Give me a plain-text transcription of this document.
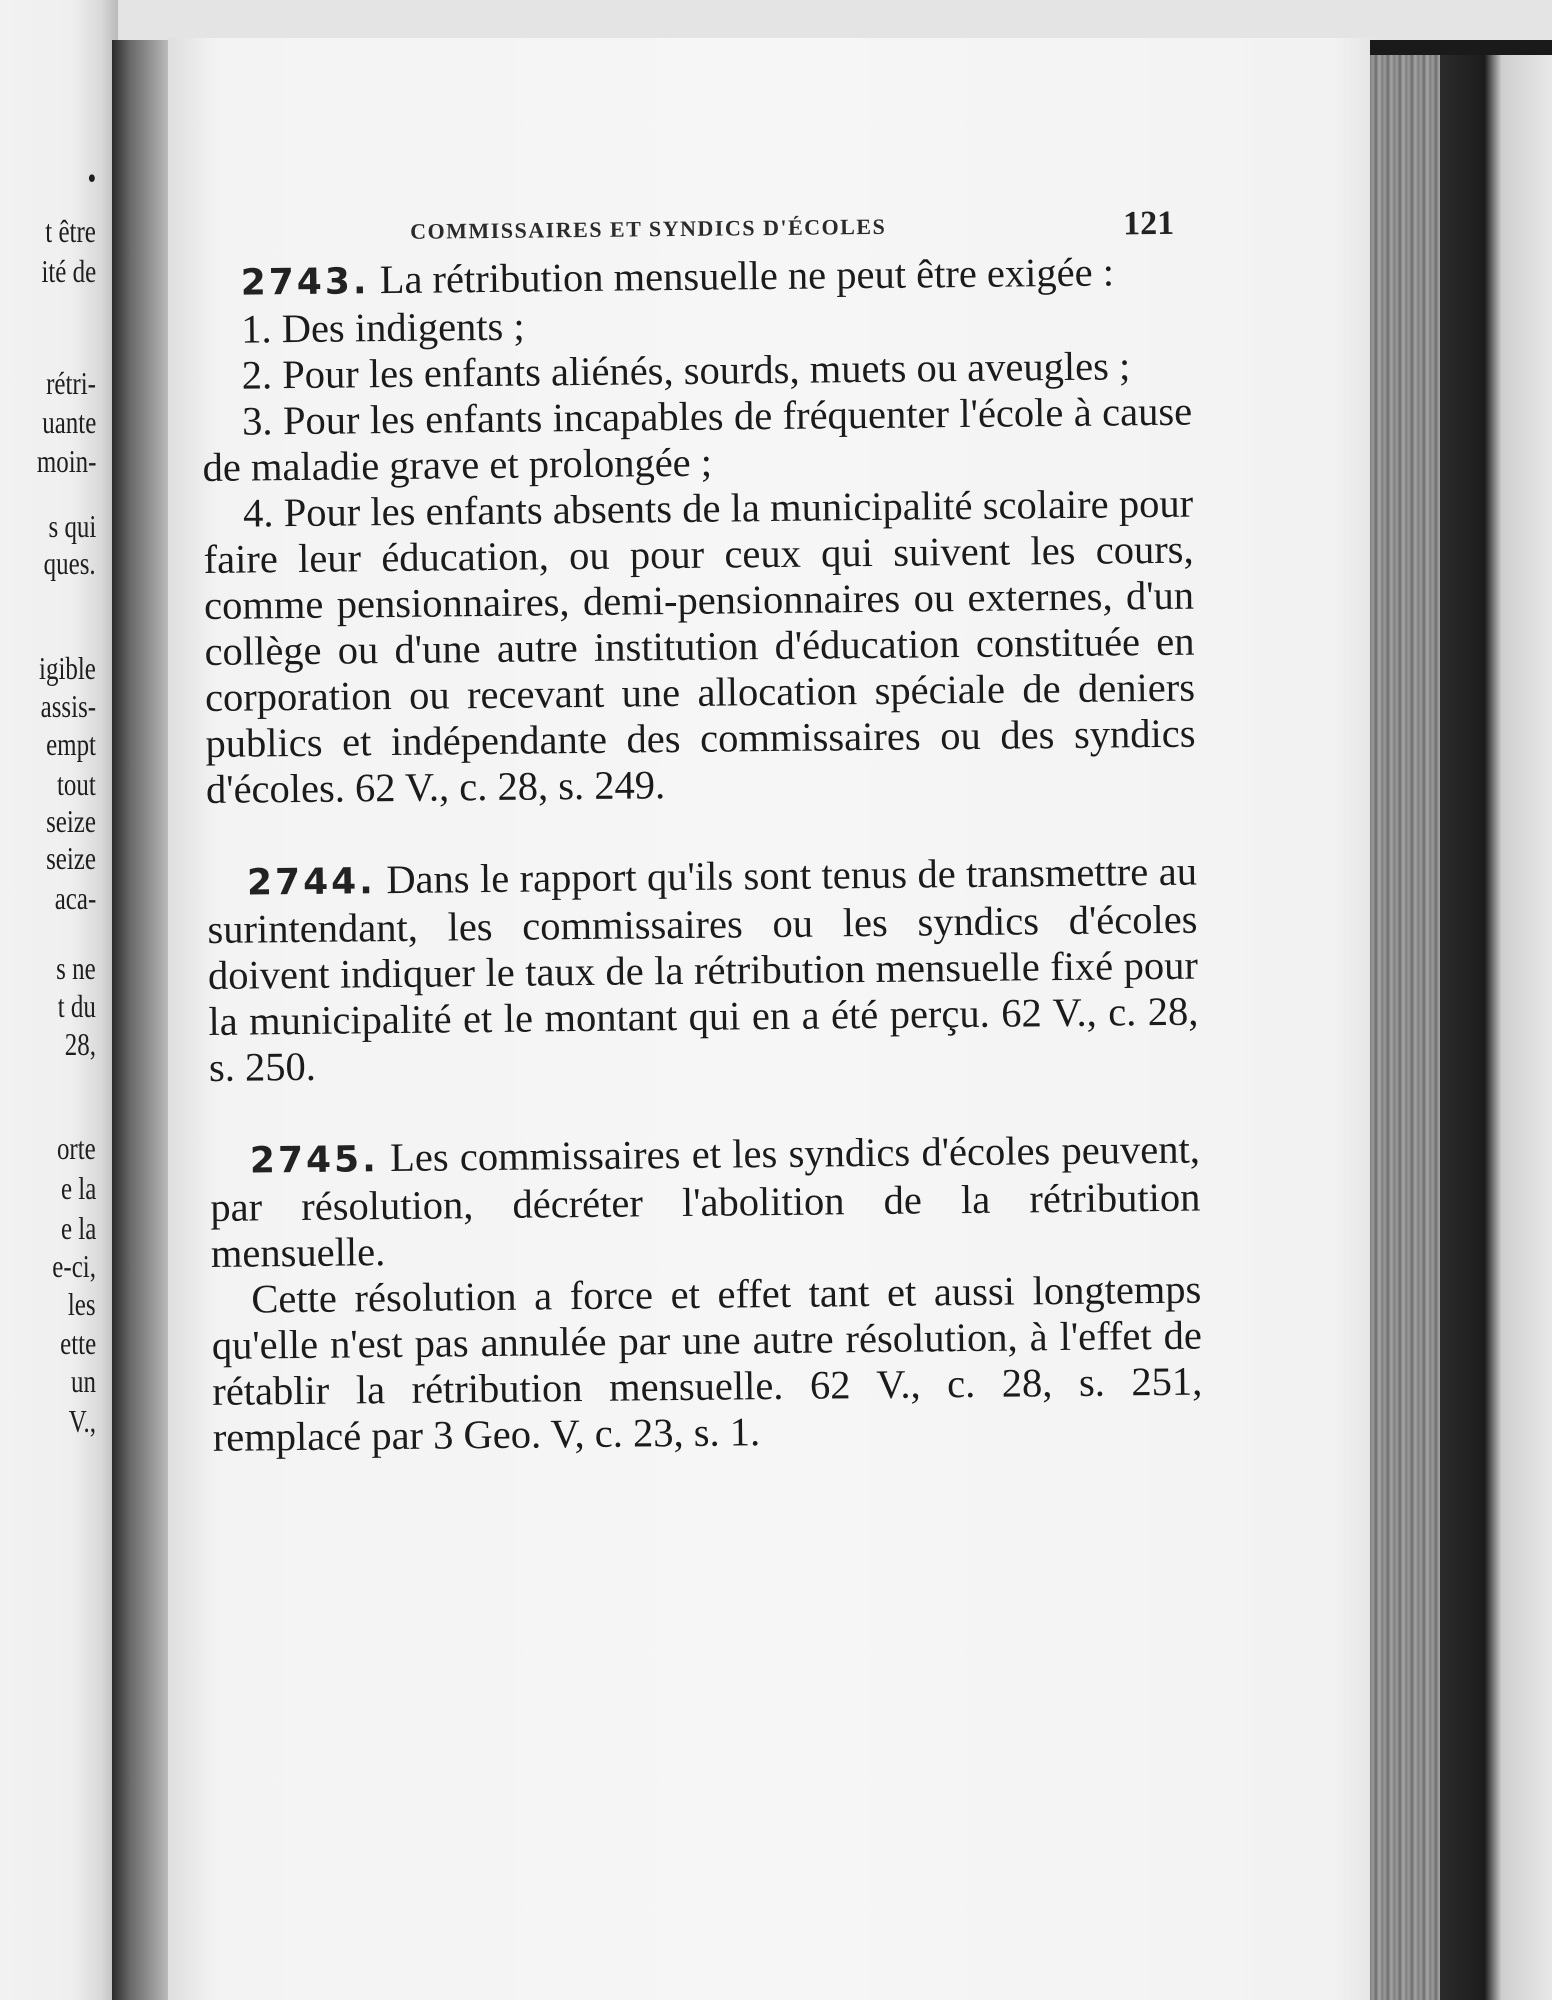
•
t être
ité de
rétri-
uante
moin-
s qui
ques.
igible
assis-
empt
tout
seize
seize
aca-
s ne
t du
28,
orte
e la
e la
e-ci,
les
ette
un
V.,
COMMISSAIRES ET SYNDICS D'ÉCOLES	121

2743. La rétribution mensuelle ne peut être exigée :

1. Des indigents ;

2. Pour les enfants aliénés, sourds, muets ou aveugles ;

3. Pour les enfants incapables de fréquenter l'école à cause de maladie grave et prolongée ;

4. Pour les enfants absents de la municipalité scolaire pour faire leur éducation, ou pour ceux qui suivent les cours, comme pensionnaires, demi-pensionnaires ou externes, d'un collège ou d'une autre institution d'éducation constituée en corporation ou recevant une allocation spéciale de deniers publics et indépendante des commissaires ou des syndics d'écoles. 62 V., c. 28, s. 249.

2744. Dans le rapport qu'ils sont tenus de transmettre au surintendant, les commissaires ou les syndics d'écoles doivent indiquer le taux de la rétribution mensuelle fixé pour la municipalité et le montant qui en a été perçu. 62 V., c. 28, s. 250.

2745. Les commissaires et les syndics d'écoles peuvent, par résolution, décréter l'abolition de la rétribution mensuelle.

Cette résolution a force et effet tant et aussi longtemps qu'elle n'est pas annulée par une autre résolution, à l'effet de rétablir la rétribution mensuelle. 62 V., c. 28, s. 251, remplacé par 3 Geo. V, c. 23, s. 1.
